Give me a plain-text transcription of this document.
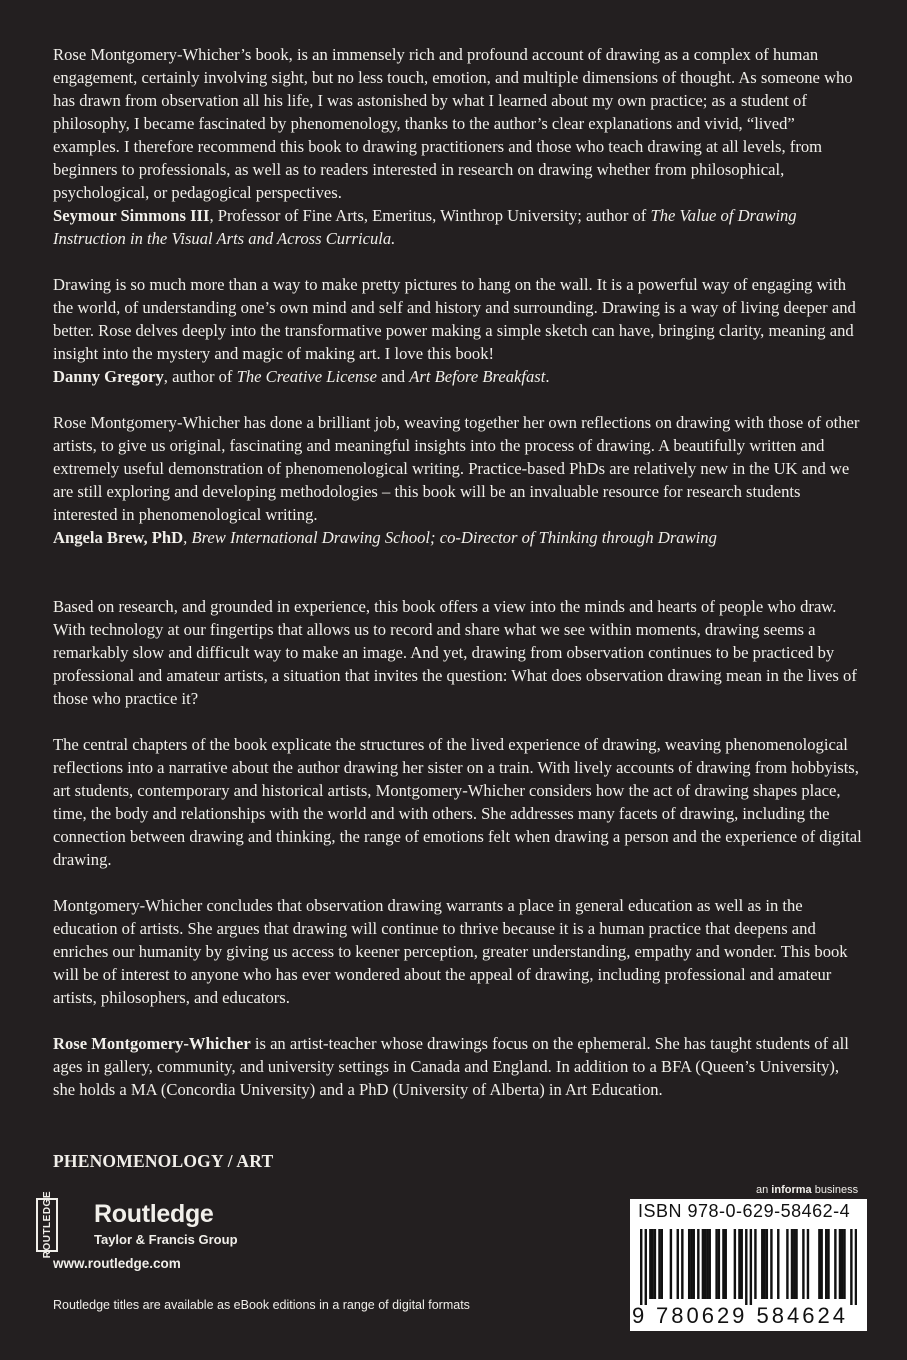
Rose Montgomery-Whicher’s book, is an immensely rich and profound account of drawing as a complex of human engagement, certainly involving sight, but no less touch, emotion, and multiple dimensions of thought. As someone who has drawn from observation all his life, I was astonished by what I learned about my own practice; as a student of philosophy, I became fascinated by phenomenology, thanks to the author’s clear explanations and vivid, “lived” examples. I therefore recommend this book to drawing practitioners and those who teach drawing at all levels, from beginners to professionals, as well as to readers interested in research on drawing whether from philosophical, psychological, or pedagogical perspectives.

Seymour Simmons III, Professor of Fine Arts, Emeritus, Winthrop University; author of The Value of Drawing Instruction in the Visual Arts and Across Curricula.

Drawing is so much more than a way to make pretty pictures to hang on the wall. It is a powerful way of engaging with the world, of understanding one’s own mind and self and history and surrounding. Drawing is a way of living deeper and better. Rose delves deeply into the transformative power making a simple sketch can have, bringing clarity, meaning and insight into the mystery and magic of making art. I love this book!

Danny Gregory, author of The Creative License and Art Before Breakfast.

Rose Montgomery-Whicher has done a brilliant job, weaving together her own reflections on drawing with those of other artists, to give us original, fascinating and meaningful insights into the process of drawing. A beautifully written and extremely useful demonstration of phenomenological writing. Practice-based PhDs are relatively new in the UK and we are still exploring and developing methodologies – this book will be an invaluable resource for research students interested in phenomenological writing.

Angela Brew, PhD, Brew International Drawing School; co-Director of Thinking through Drawing

Based on research, and grounded in experience, this book offers a view into the minds and hearts of people who draw. With technology at our fingertips that allows us to record and share what we see within moments, drawing seems a remarkably slow and difficult way to make an image. And yet, drawing from observation continues to be practiced by professional and amateur artists, a situation that invites the question: What does observation drawing mean in the lives of those who practice it?

The central chapters of the book explicate the structures of the lived experience of drawing, weaving phenomenological reflections into a narrative about the author drawing her sister on a train. With lively accounts of drawing from hobbyists, art students, contemporary and historical artists, Montgomery-Whicher considers how the act of drawing shapes place, time, the body and relationships with the world and with others. She addresses many facets of drawing, including the connection between drawing and thinking, the range of emotions felt when drawing a person and the experience of digital drawing.

Montgomery-Whicher concludes that observation drawing warrants a place in general education as well as in the education of artists. She argues that drawing will continue to thrive because it is a human practice that deepens and enriches our humanity by giving us access to keener perception, greater understanding, empathy and wonder. This book will be of interest to anyone who has ever wondered about the appeal of drawing, including professional and amateur artists, philosophers, and educators.

Rose Montgomery-Whicher is an artist-teacher whose drawings focus on the ephemeral. She has taught students of all ages in gallery, community, and university settings in Canada and England. In addition to a BFA (Queen’s University), she holds a MA (Concordia University) and a PhD (University of Alberta) in Art Education.

PHENOMENOLOGY / ART
ROUTLEDGE Routledge
Taylor & Francis Group
www.routledge.com
Routledge titles are available as eBook editions in a range of digital formats
an informa business
ISBN 978-0-629-58462-4
9 780629 584624
